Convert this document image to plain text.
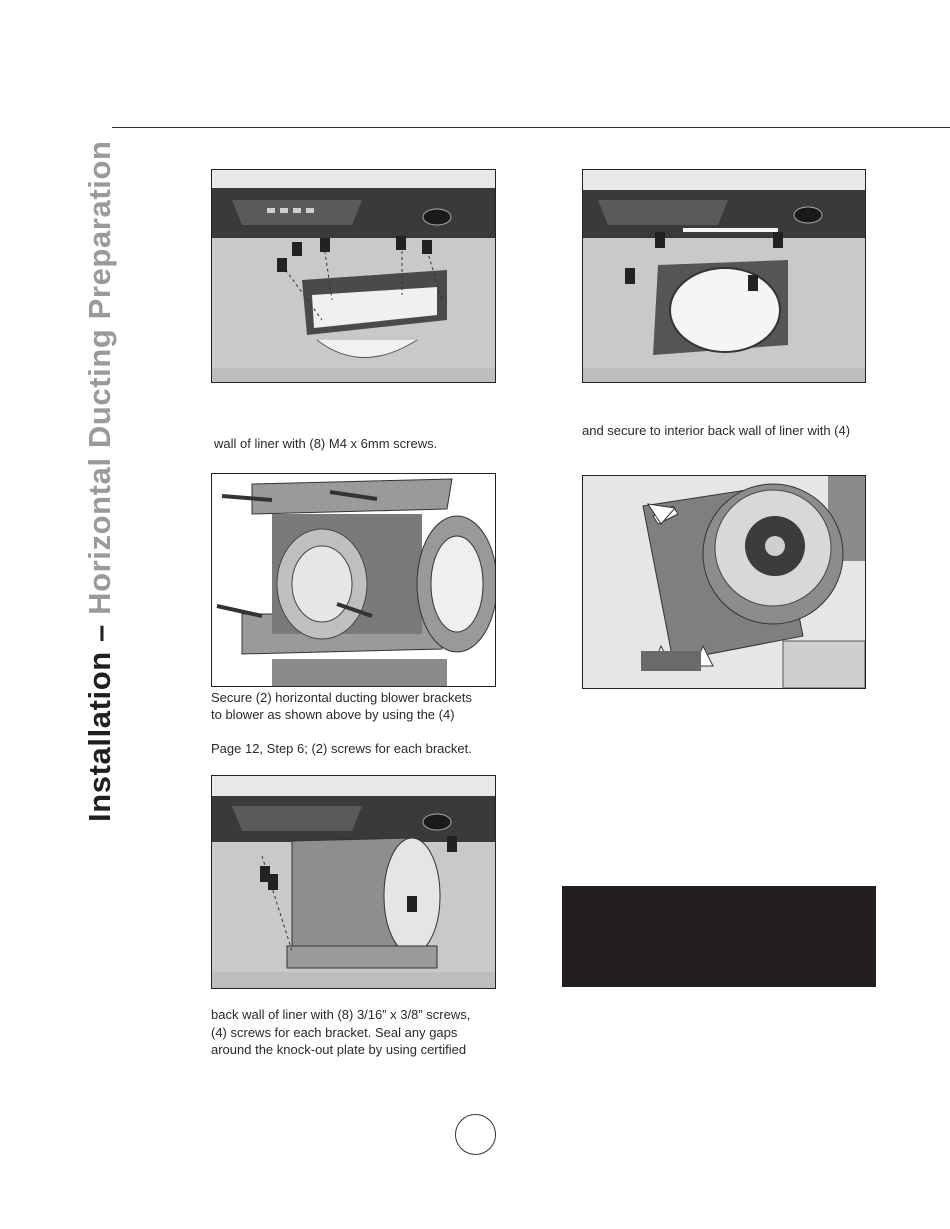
Installation – Horizontal Ducting Preparation	wall of liner with (8) M4 x 6mm screws.
and secure to interior back wall of liner with (4)
Secure (2) horizontal ducting blower brackets
to blower as shown above by using the (4)
Page 12, Step 6; (2) screws for each bracket.
back wall of liner with (8) 3/16” x 3/8” screws,
(4) screws for each bracket. Seal any gaps
around the knock-out plate by using certified
